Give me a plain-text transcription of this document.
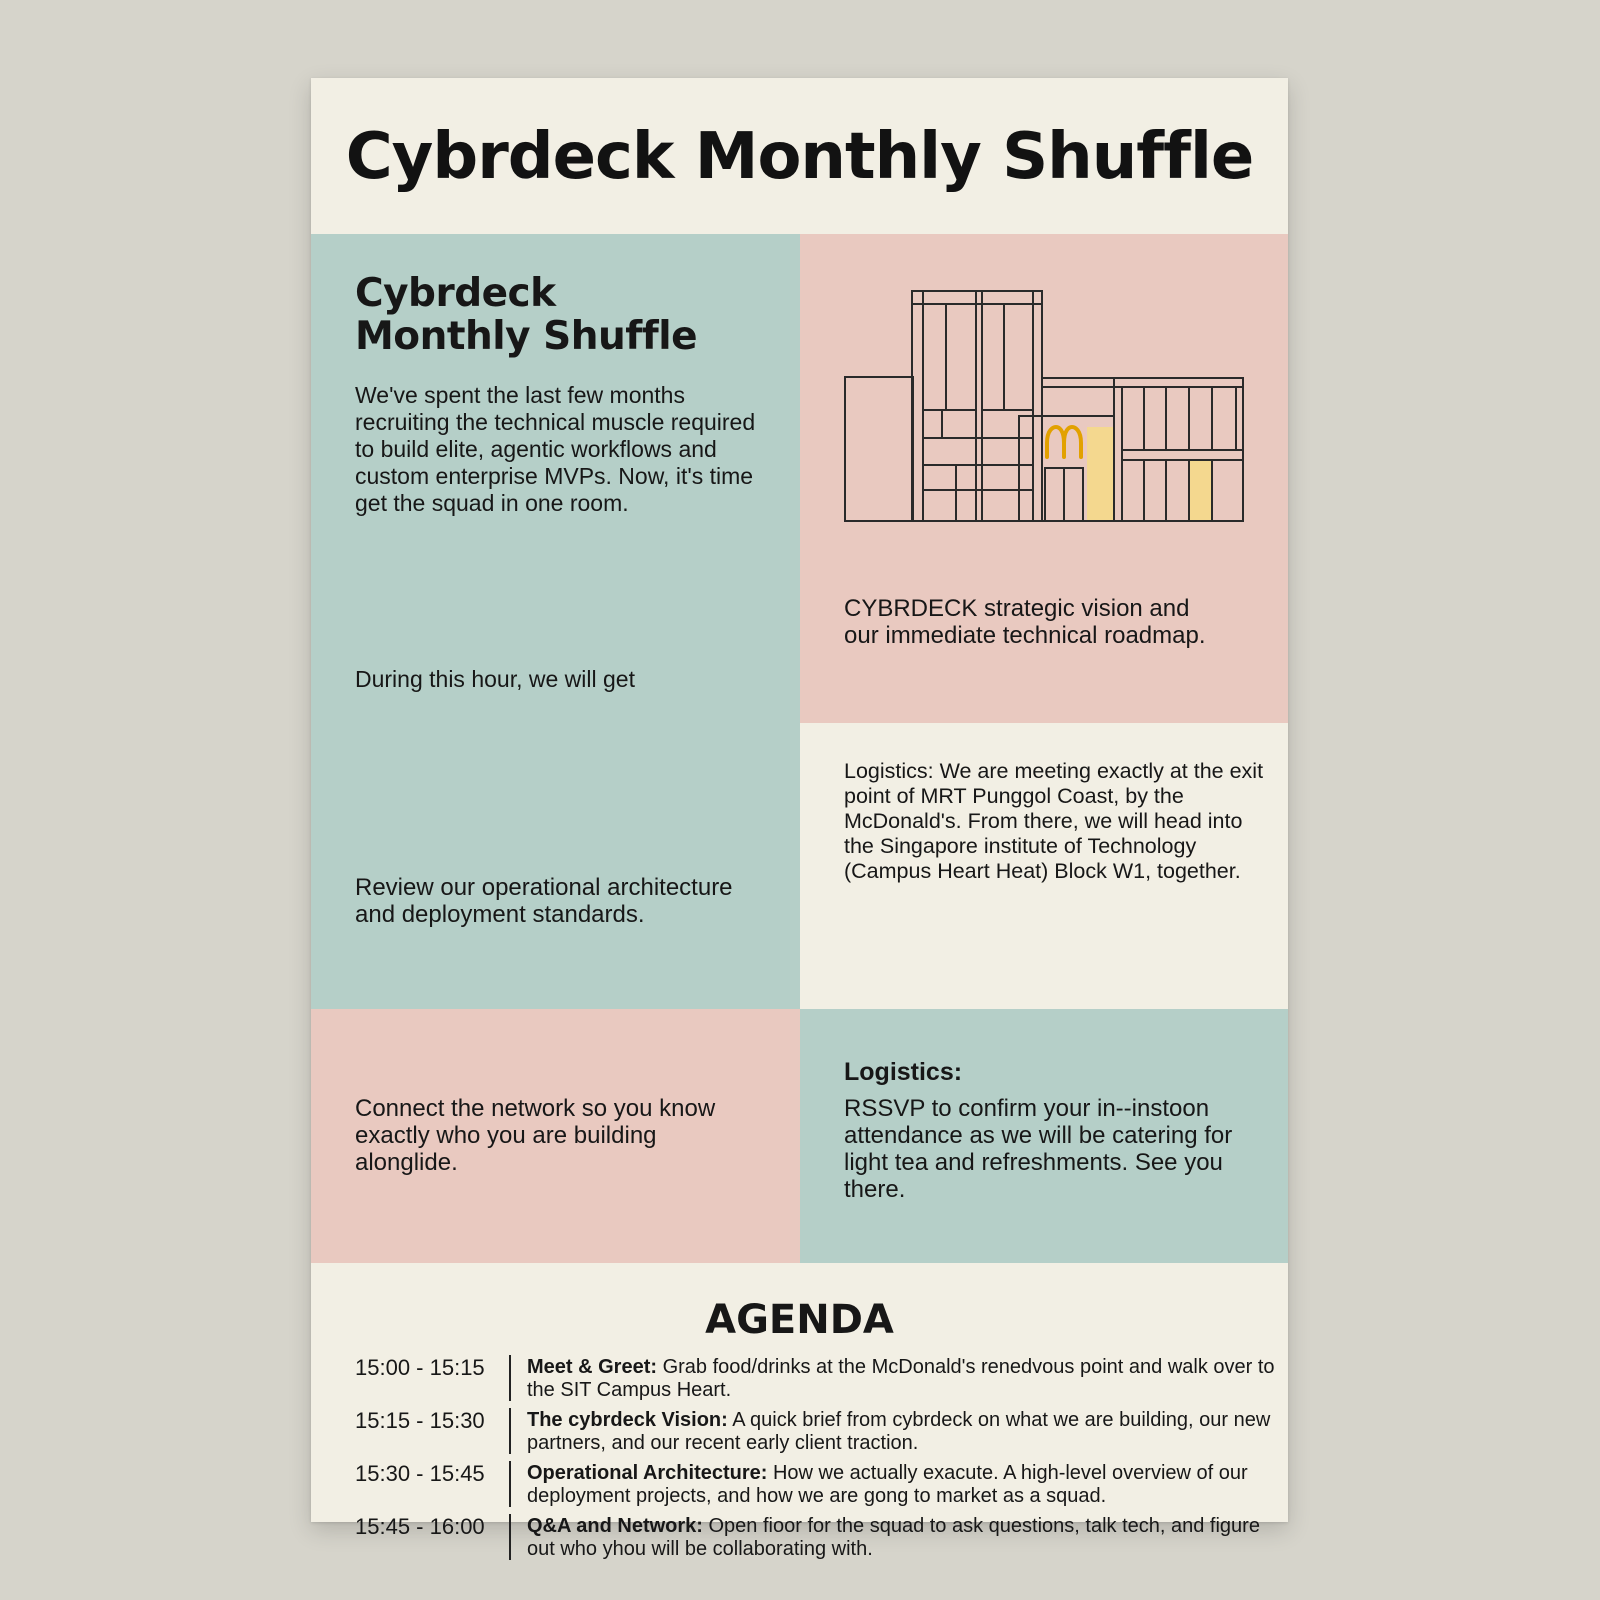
Cybrdeck Monthly Shuffle
Cybrdeck
Monthly Shuffle

We've spent the last few months recruiting the technical muscle required to build elite, agentic workflows and custom enterprise MVPs. Now, it's time get the squad in one room.

During this hour, we will get

Review our operational architecture and deployment standards.

CYBRDECK strategic vision and our immediate technical roadmap.

Logistics: We are meeting exactly at the exit point of MRT Punggol Coast, by the McDonald's. From there, we will head into the Singapore institute of Technology (Campus Heart Heat) Block W1, together.

Connect the network so you know exactly who you are building alonglide.

Logistics:

RSSVP to confirm your in--instoon attendance as we will be catering for light tea and refreshments. See you there.

AGENDA
15:00 - 15:15	Meet & Greet: Grab food/drinks at the McDonald's renedvous point and walk over to the SIT Campus Heart.
15:15 - 15:30	The cybrdeck Vision: A quick brief from cybrdeck on what we are building, our new partners, and our recent early client traction.
15:30 - 15:45	Operational Architecture: How we actually exacute. A high-level overview of our deployment projects, and how we are gong to market as a squad.
15:45 - 16:00	Q&A and Network: Open fioor for the squad to ask questions, talk tech, and figure out who yhou will be collaborating with.
